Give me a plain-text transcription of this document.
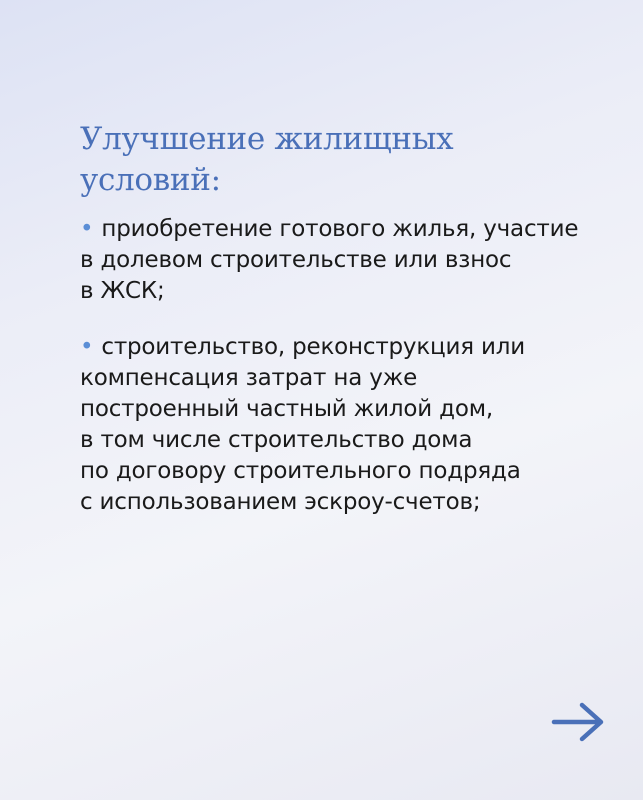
Улучшение жилищных условий:
• приобретение готового жилья, участие
в долевом строительстве или взнос
в ЖСК;
• строительство, реконструкция или
компенсация затрат на уже
построенный частный жилой дом,
в том числе строительство дома
по договору строительного подряда
с использованием эскроу-счетов;
